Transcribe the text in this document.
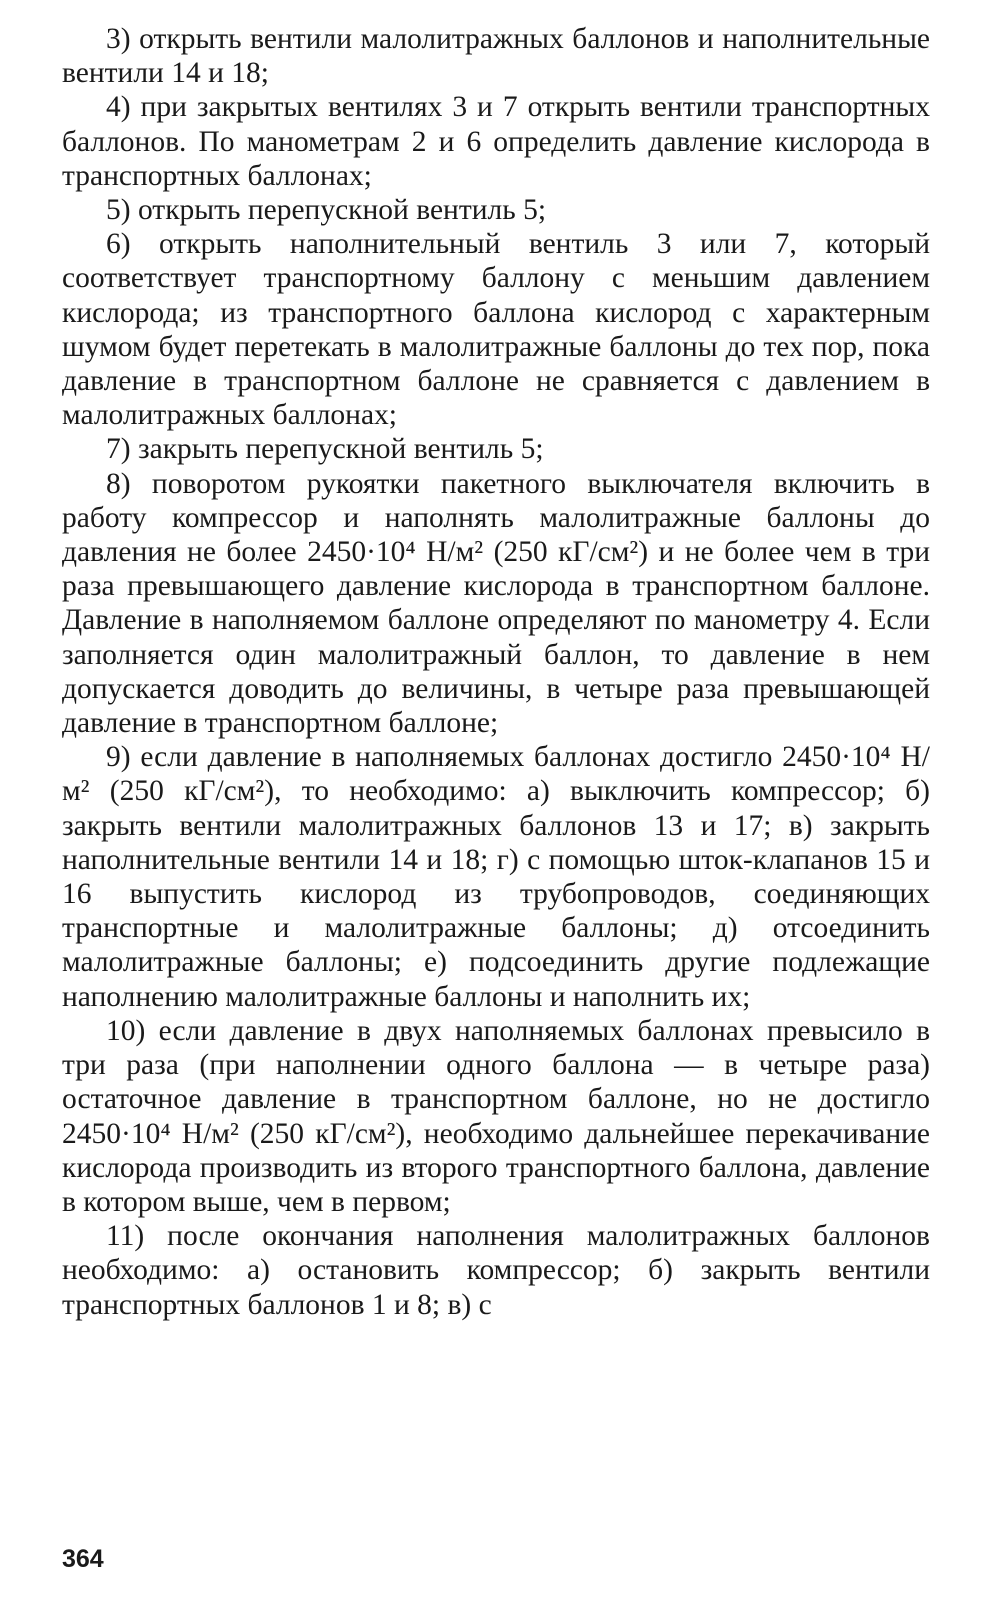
3) открыть вентили малолитражных баллонов и наполнительные вентили 14 и 18;

4) при закрытых вентилях 3 и 7 открыть вентили транспортных баллонов. По манометрам 2 и 6 определить давление кислорода в транспортных баллонах;

5) открыть перепускной вентиль 5;

6) открыть наполнительный вентиль 3 или 7, который соответствует транспортному баллону с меньшим давлением кислорода; из транспортного баллона кислород с характерным шумом будет перетекать в малолитражные баллоны до тех пор, пока давление в транспортном баллоне не сравняется с давлением в малолитражных баллонах;

7) закрыть перепускной вентиль 5;

8) поворотом рукоятки пакетного выключателя включить в работу компрессор и наполнять малолитражные баллоны до давления не более 2450·10⁴ Н/м² (250 кГ/см²) и не более чем в три раза превышающего давление кислорода в транспортном баллоне. Давление в наполняемом баллоне определяют по манометру 4. Если заполняется один малолитражный баллон, то давление в нем допускается доводить до величины, в четыре раза превышающей давление в транспортном баллоне;

9) если давление в наполняемых баллонах достигло 2450·10⁴ Н/м² (250 кГ/см²), то необходимо: а) выключить компрессор; б) закрыть вентили малолитражных баллонов 13 и 17; в) закрыть наполнительные вентили 14 и 18; г) с помощью шток-клапанов 15 и 16 выпустить кислород из трубопроводов, соединяющих транспортные и малолитражные баллоны; д) отсоединить малолитражные баллоны; е) подсоединить другие подлежащие наполнению малолитражные баллоны и наполнить их;

10) если давление в двух наполняемых баллонах превысило в три раза (при наполнении одного баллона — в четыре раза) остаточное давление в транспортном баллоне, но не достигло 2450·10⁴ Н/м² (250 кГ/см²), необходимо дальнейшее перекачивание кислорода производить из второго транспортного баллона, давление в котором выше, чем в первом;

11) после окончания наполнения малолитражных баллонов необходимо: а) остановить компрессор; б) закрыть вентили транспортных баллонов 1 и 8; в) с

364
